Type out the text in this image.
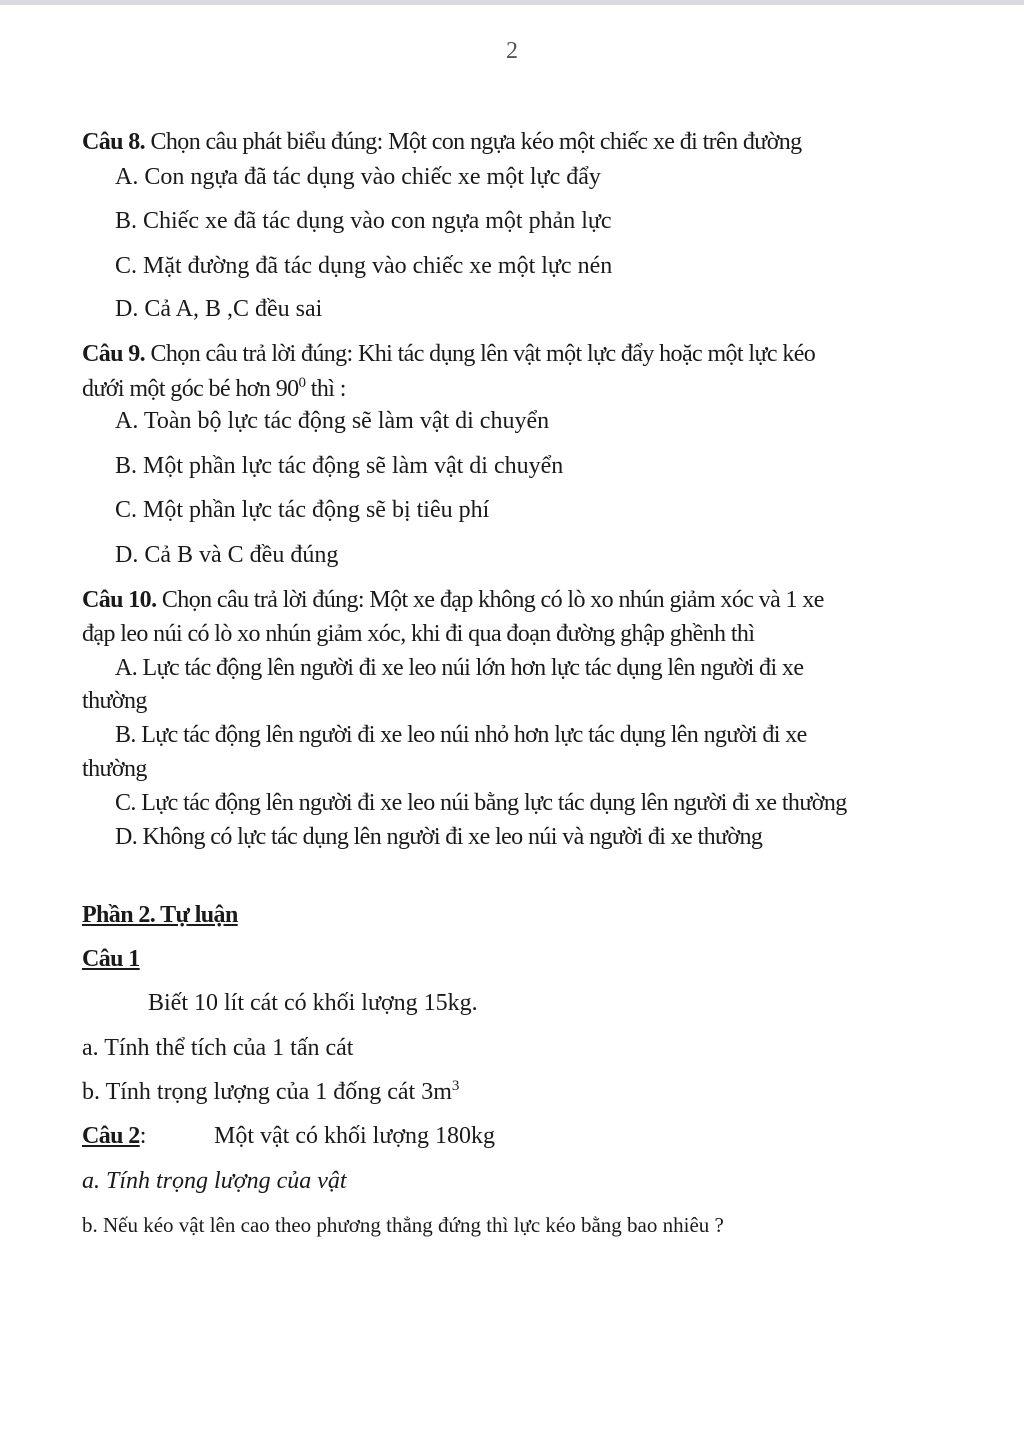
2
Câu 8. Chọn câu phát biểu đúng: Một con ngựa kéo một chiếc xe đi trên đường
A. Con ngựa đã tác dụng vào chiếc xe một lực đẩy
B. Chiếc xe đã tác dụng vào con ngựa một phản lực
C. Mặt đường đã tác dụng vào chiếc xe một lực nén
D. Cả A, B ,C đều sai
Câu 9. Chọn câu trả lời đúng: Khi tác dụng lên vật một lực đẩy hoặc một lực kéo
dưới một góc bé hơn $90^0$ thì :
A. Toàn bộ lực tác động sẽ làm vật di chuyển
B. Một phần lực tác động sẽ làm vật di chuyển
C. Một phần lực tác động sẽ bị tiêu phí
D. Cả B và C đều đúng
Câu 10. Chọn câu trả lời đúng: Một xe đạp không có lò xo nhún giảm xóc và 1 xe
đạp leo núi có lò xo nhún giảm xóc, khi đi qua đoạn đường ghập ghềnh thì
A. Lực tác động lên người đi xe leo núi lớn hơn lực tác dụng lên người đi xe
thường
B. Lực tác động lên người đi xe leo núi nhỏ hơn lực tác dụng lên người đi xe
thường
C. Lực tác động lên người đi xe leo núi bằng lực tác dụng lên người đi xe thường
D. Không có lực tác dụng lên người đi xe leo núi và người đi xe thường
Phần 2. Tự luận
Câu 1
Biết 10 lít cát có khối lượng 15kg.
a. Tính thể tích của 1 tấn cát
b. Tính trọng lượng của 1 đống cát $3m^3$
Câu 2:	Một vật có khối lượng 180kg
a. Tính trọng lượng của vật
b. Nếu kéo vật lên cao theo phương thẳng đứng thì lực kéo bằng bao nhiêu ?
